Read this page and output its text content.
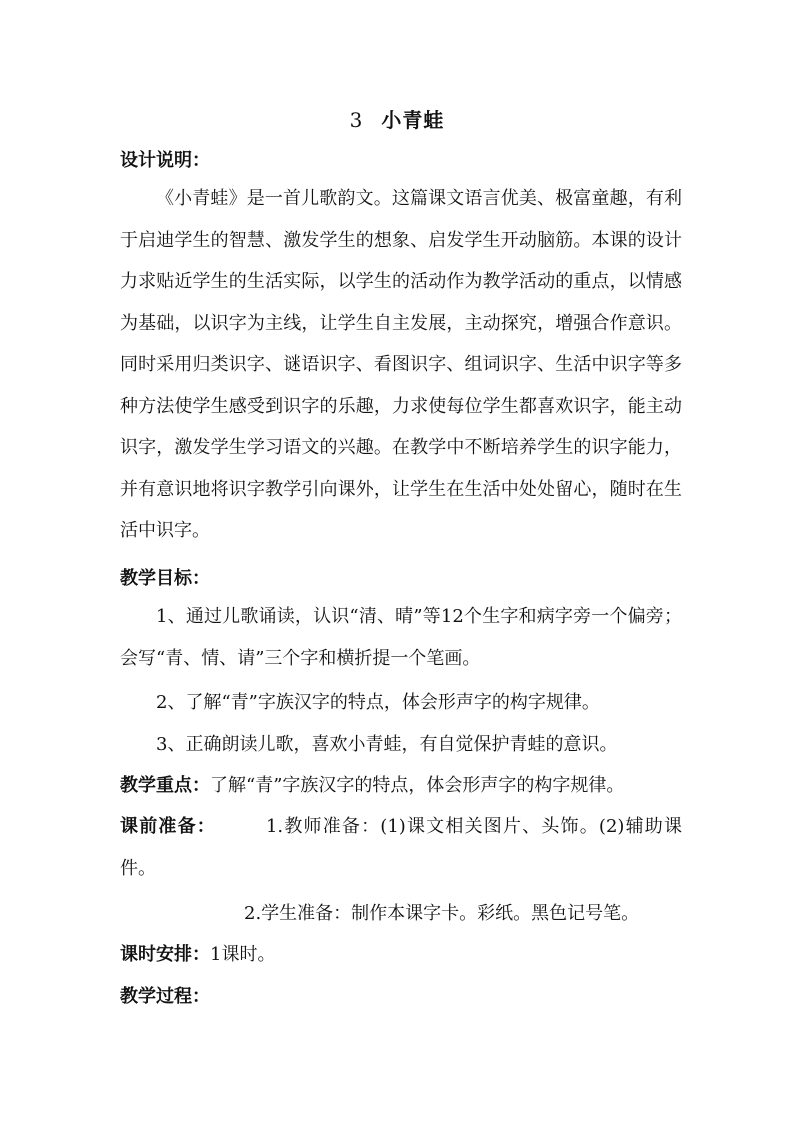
3 小青蛙
设计说明：
《小青蛙》是一首儿歌韵文。这篇课文语言优美、极富童趣，有利于启迪学生的智慧、激发学生的想象、启发学生开动脑筋。本课的设计力求贴近学生的生活实际，以学生的活动作为教学活动的重点，以情感为基础，以识字为主线，让学生自主发展，主动探究，增强合作意识。同时采用归类识字、谜语识字、看图识字、组词识字、生活中识字等多种方法使学生感受到识字的乐趣，力求使每位学生都喜欢识字，能主动识字，激发学生学习语文的兴趣。在教学中不断培养学生的识字能力，并有意识地将识字教学引向课外，让学生在生活中处处留心，随时在生活中识字。
教学目标：
1、通过儿歌诵读，认识“清、晴”等12个生字和病字旁一个偏旁；会写“青、情、请”三个字和横折提一个笔画。
2、了解“青”字族汉字的特点，体会形声字的构字规律。
3、正确朗读儿歌，喜欢小青蛙，有自觉保护青蛙的意识。
教学重点：了解“青”字族汉字的特点，体会形声字的构字规律。
课前准备：	1.教师准备：(1)课文相关图片、头饰。(2)辅助课件。
2.学生准备：制作本课字卡。彩纸。黑色记号笔。
课时安排：1课时。
教学过程：
